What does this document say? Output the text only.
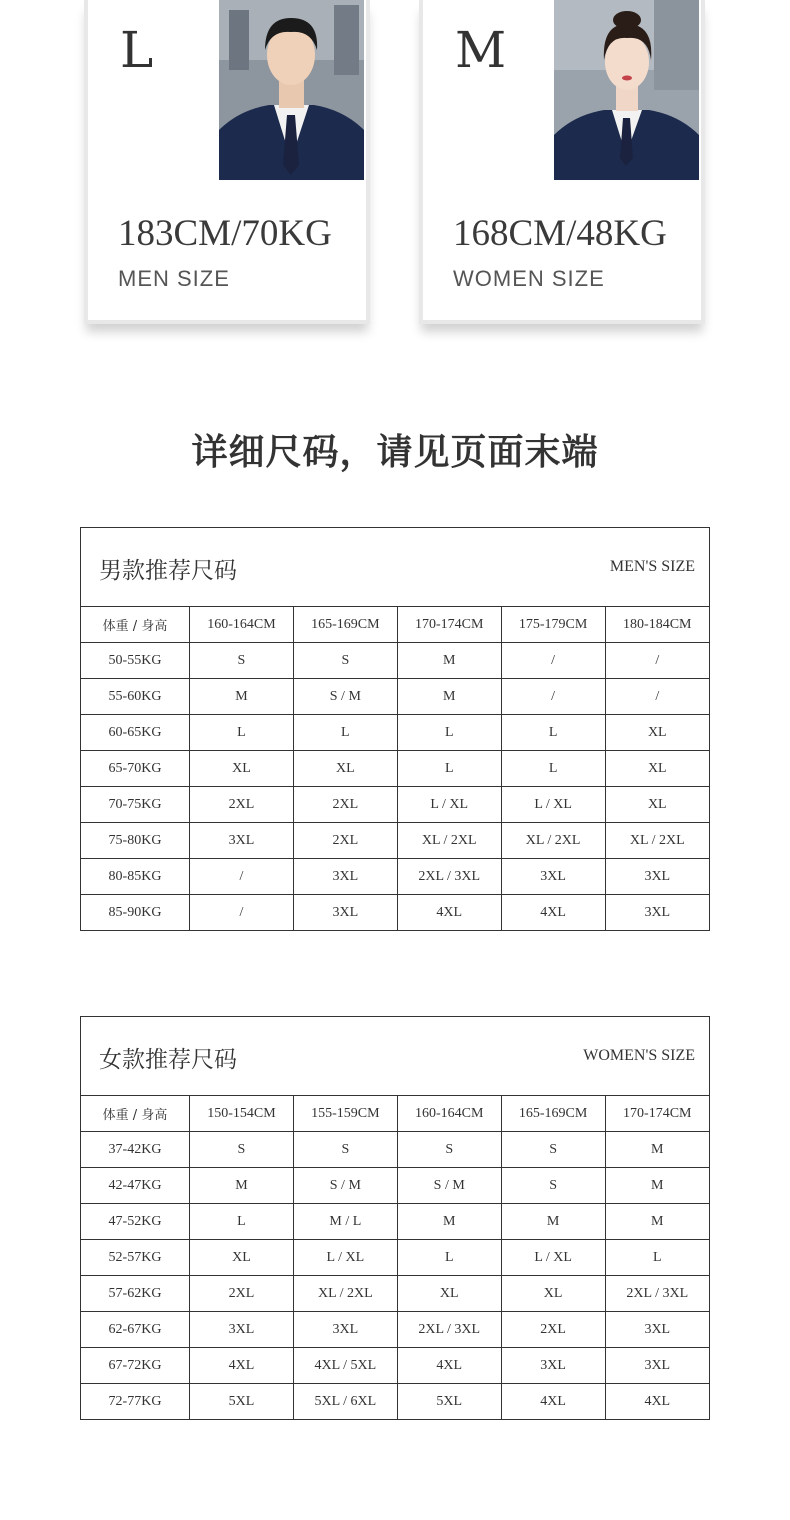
L
183CM/70KG
MEN SIZE
M
168CM/48KG
WOMEN SIZE
详细尺码，请见页面末端
男款推荐尺码	MEN'S SIZE
体重 / 身高	160-164CM	165-169CM	170-174CM	175-179CM	180-184CM
50-55KG	S	S	M	/	/
55-60KG	M	S / M	M	/	/
60-65KG	L	L	L	L	XL
65-70KG	XL	XL	L	L	XL
70-75KG	2XL	2XL	L / XL	L / XL	XL
75-80KG	3XL	2XL	XL / 2XL	XL / 2XL	XL / 2XL
80-85KG	/	3XL	2XL / 3XL	3XL	3XL
85-90KG	/	3XL	4XL	4XL	3XL
女款推荐尺码	WOMEN'S SIZE
体重 / 身高	150-154CM	155-159CM	160-164CM	165-169CM	170-174CM
37-42KG	S	S	S	S	M
42-47KG	M	S / M	S / M	S	M
47-52KG	L	M / L	M	M	M
52-57KG	XL	L / XL	L	L / XL	L
57-62KG	2XL	XL / 2XL	XL	XL	2XL / 3XL
62-67KG	3XL	3XL	2XL / 3XL	2XL	3XL
67-72KG	4XL	4XL / 5XL	4XL	3XL	3XL
72-77KG	5XL	5XL / 6XL	5XL	4XL	4XL
